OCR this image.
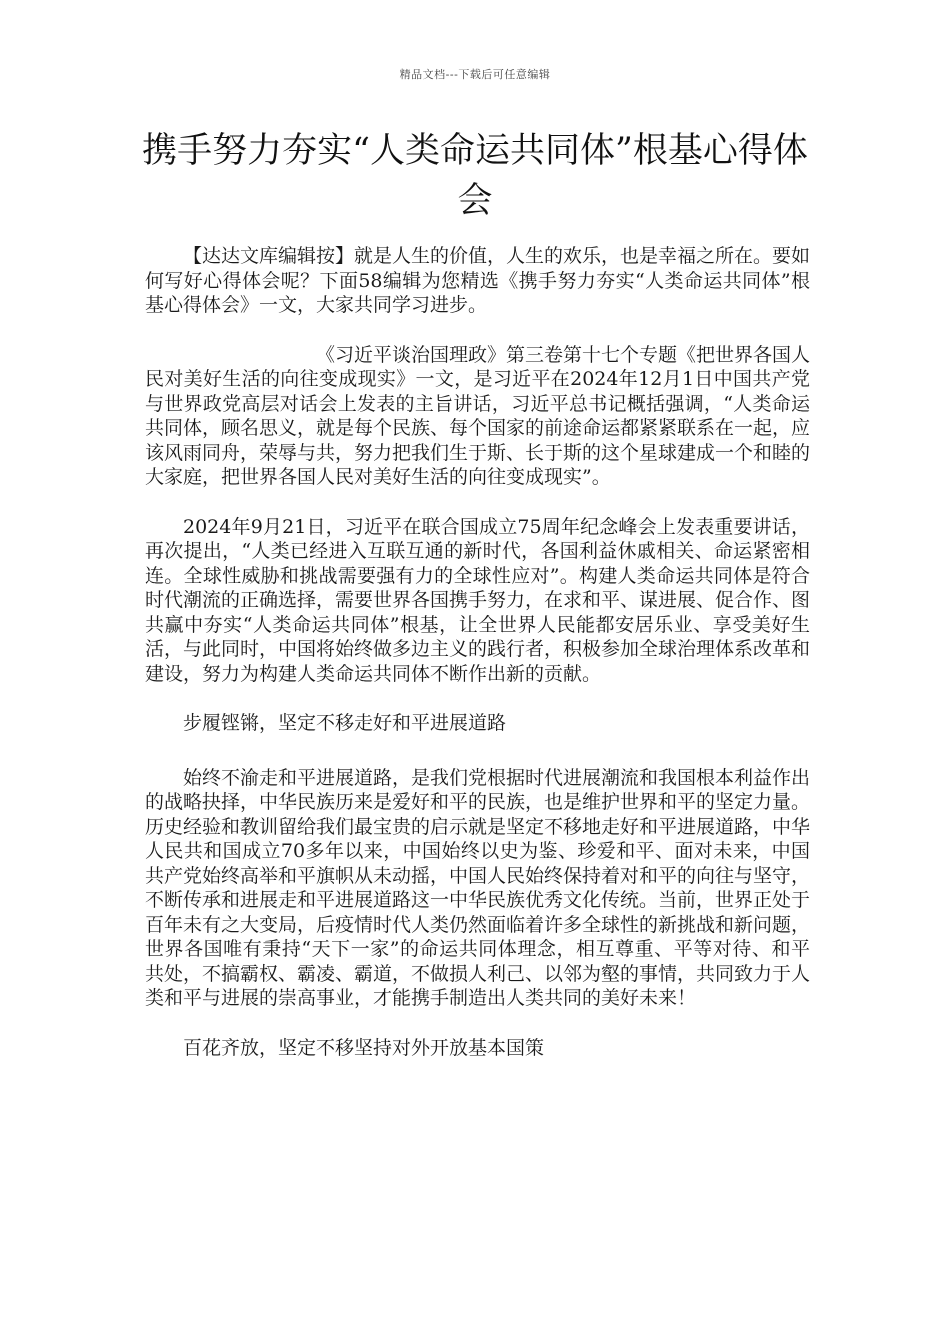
精品文档---下载后可任意编辑
携手努力夯实“人类命运共同体”根基心得体会

【达达文库编辑按】就是人生的价值，人生的欢乐，也是幸福之所在。要如何写好心得体会呢？下面58编辑为您精选《携手努力夯实“人类命运共同体”根基心得体会》一文，大家共同学习进步。

《习近平谈治国理政》第三卷第十七个专题《把世界各国人民对美好生活的向往变成现实》一文，是习近平在2024年12月1日中国共产党与世界政党高层对话会上发表的主旨讲话，习近平总书记概括强调，“人类命运共同体，顾名思义，就是每个民族、每个国家的前途命运都紧紧联系在一起，应该风雨同舟，荣辱与共，努力把我们生于斯、长于斯的这个星球建成一个和睦的大家庭，把世界各国人民对美好生活的向往变成现实”。

2024年9月21日，习近平在联合国成立75周年纪念峰会上发表重要讲话，再次提出，“人类已经进入互联互通的新时代，各国利益休戚相关、命运紧密相连。全球性威胁和挑战需要强有力的全球性应对”。构建人类命运共同体是符合时代潮流的正确选择，需要世界各国携手努力，在求和平、谋进展、促合作、图共赢中夯实“人类命运共同体”根基，让全世界人民能都安居乐业、享受美好生活，与此同时，中国将始终做多边主义的践行者，积极参加全球治理体系改革和建设，努力为构建人类命运共同体不断作出新的贡献。

步履铿锵，坚定不移走好和平进展道路

始终不渝走和平进展道路，是我们党根据时代进展潮流和我国根本利益作出的战略抉择，中华民族历来是爱好和平的民族，也是维护世界和平的坚定力量。历史经验和教训留给我们最宝贵的启示就是坚定不移地走好和平进展道路，中华人民共和国成立70多年以来，中国始终以史为鉴、珍爱和平、面对未来，中国共产党始终高举和平旗帜从未动摇，中国人民始终保持着对和平的向往与坚守，不断传承和进展走和平进展道路这一中华民族优秀文化传统。当前，世界正处于百年未有之大变局，后疫情时代人类仍然面临着许多全球性的新挑战和新问题，世界各国唯有秉持“天下一家”的命运共同体理念，相互尊重、平等对待、和平共处，不搞霸权、霸凌、霸道，不做损人利己、以邻为壑的事情，共同致力于人类和平与进展的崇高事业，才能携手制造出人类共同的美好未来！

百花齐放，坚定不移坚持对外开放基本国策
